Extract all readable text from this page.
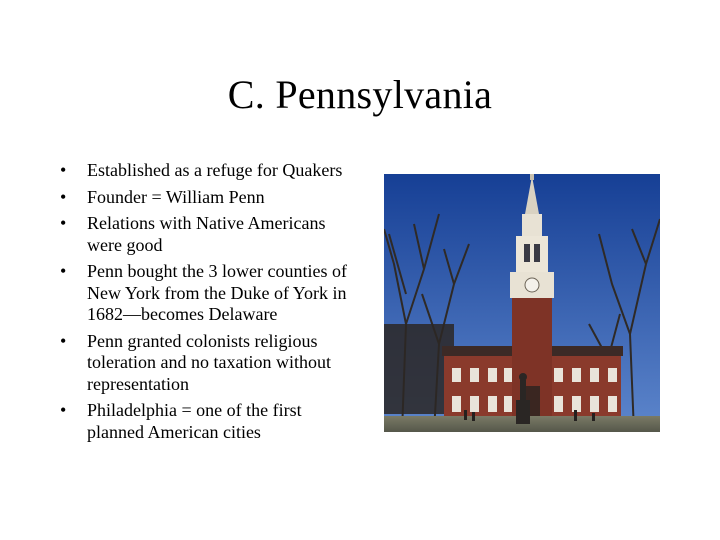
C. Pennsylvania
• Established as a refuge for Quakers
• Founder = William Penn
• Relations with Native Americans were good
• Penn bought the 3 lower counties of New York from the Duke of York in 1682—becomes Delaware
• Penn granted colonists religious toleration and no taxation without representation
• Philadelphia = one of the first planned American cities
